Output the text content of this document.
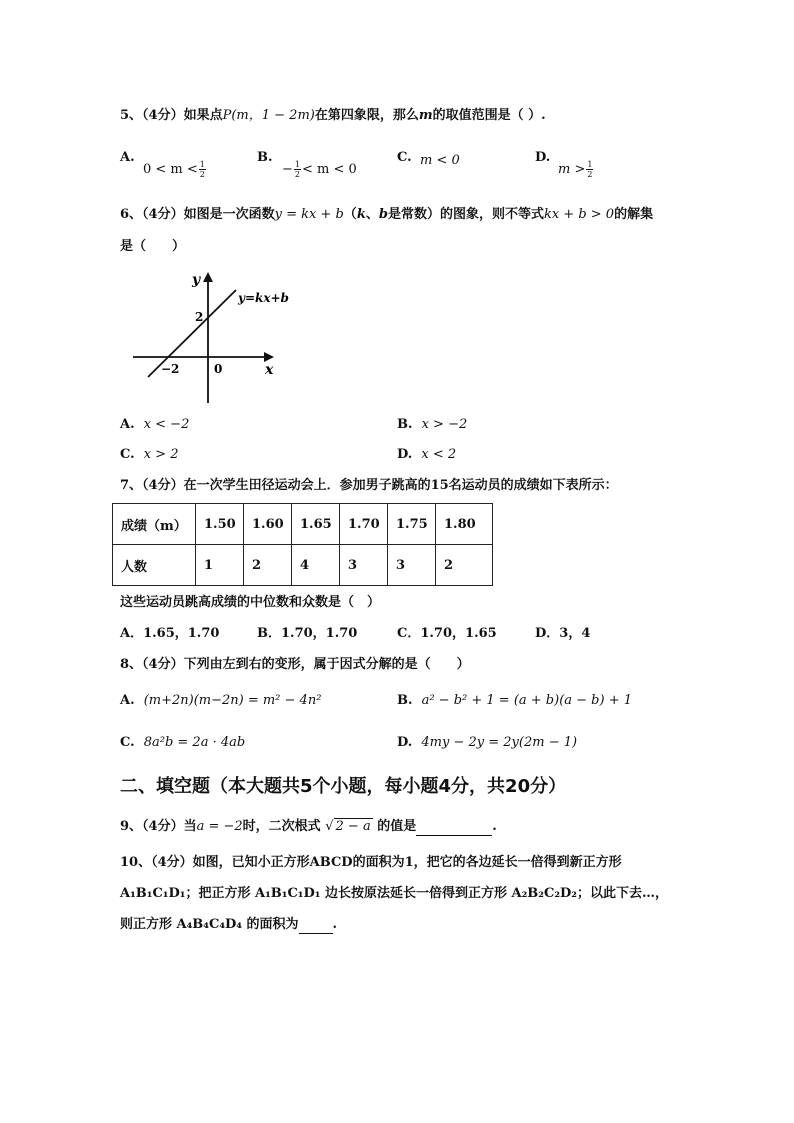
5、（4分）如果点P(m，1 − 2m)在第四象限，那么m的取值范围是（ ）.
A.
$0 < m < \frac{1}{2}$
B.
− $\frac{1}{2} < m < 0$
C. m < 0	D.
$m > \frac{1}{2}$
6、（4分）如图是一次函数y = kx + b（k、b是常数）的图象，则不等式kx + b > 0的解集
是（　　）
y
x
y=kx+b
2
−2	0
A. x < −2	B. x > −2
C. x > 2	D. x < 2
7、（4分）在一次学生田径运动会上．参加男子跳高的15名运动员的成绩如下表所示：
成绩（m）	1.50	1.60	1.65	1.70	1.75	1.80
人数	1	2	4	3	3	2
这些运动员跳高成绩的中位数和众数是（　）
A．1.65，1.70	B．1.70，1.70	C．1.70，1.65	D．3，4
8、（4分）下列由左到右的变形，属于因式分解的是（　　）
A. (m+2n)(m−2n) = m² − 4n²	B. a² − b² + 1 = (a + b)(a − b) + 1
C. 8a²b = 2a · 4ab	D. 4my − 2y = 2y(2m − 1)
二、填空题（本大题共5个小题，每小题4分，共20分）
9、（4分）当a = −2时，二次根式 √ 2 − a 的值是	.
10、（4分）如图，已知小正方形ABCD的面积为1，把它的各边延长一倍得到新正方形
A₁B₁C₁D₁；把正方形 A₁B₁C₁D₁ 边长按原法延长一倍得到正方形 A₂B₂C₂D₂；以此下去…，
则正方形 A₄B₄C₄D₄ 的面积为	.
